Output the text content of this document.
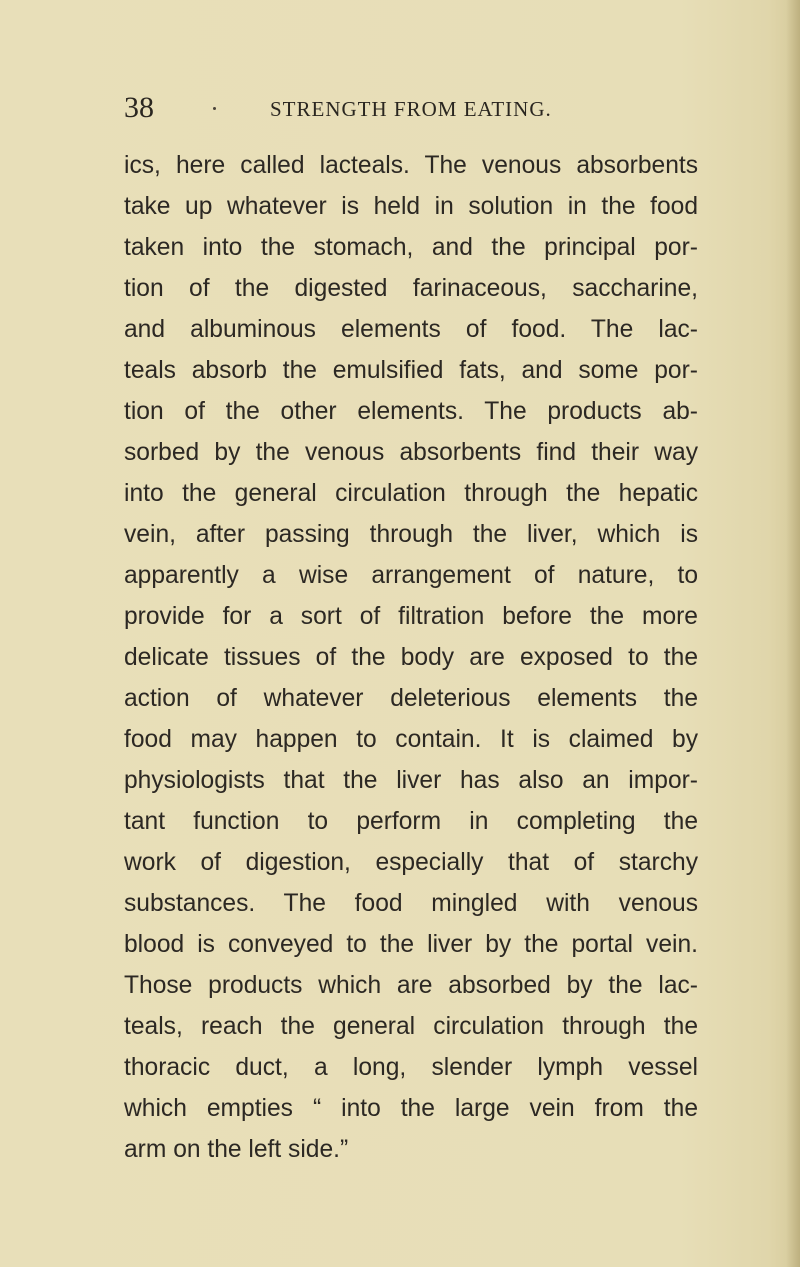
38	STRENGTH FROM EATING.
ics, here called lacteals. The venous absorbents
take up whatever is held in solution in the food
taken into the stomach, and the principal por-
tion of the digested farinaceous, saccharine,
and albuminous elements of food. The lac-
teals absorb the emulsified fats, and some por-
tion of the other elements. The products ab-
sorbed by the venous absorbents find their way
into the general circulation through the hepatic
vein, after passing through the liver, which is
apparently a wise arrangement of nature, to
provide for a sort of filtration before the more
delicate tissues of the body are exposed to the
action of whatever deleterious elements the
food may happen to contain. It is claimed by
physiologists that the liver has also an impor-
tant function to perform in completing the
work of digestion, especially that of starchy
substances. The food mingled with venous
blood is conveyed to the liver by the portal vein.
Those products which are absorbed by the lac-
teals, reach the general circulation through the
thoracic duct, a long, slender lymph vessel
which empties “ into the large vein from the
arm on the left side.”
